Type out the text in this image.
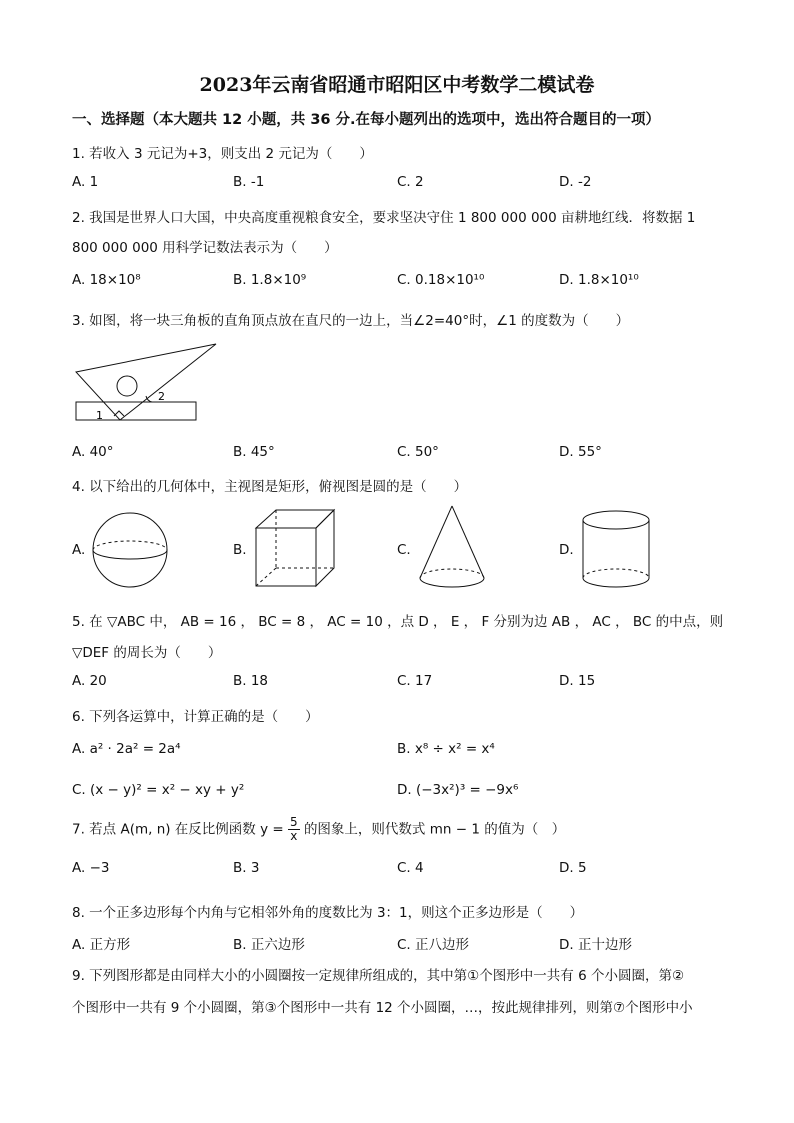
2023年云南省昭通市昭阳区中考数学二模试卷
一、选择题（本大题共 12 小题，共 36 分.在每小题列出的选项中，选出符合题目的一项）
1. 若收入 3 元记为+3，则支出 2 元记为（　　）
A. 1	B. -1	C. 2	D. -2
2. 我国是世界人口大国，中央高度重视粮食安全，要求坚决守住 1 800 000 000 亩耕地红线．将数据 1
800 000 000 用科学记数法表示为（　　）
A. 18×10⁸	B. 1.8×10⁹	C. 0.18×10¹⁰	D. 1.8×10¹⁰
3. 如图，将一块三角板的直角顶点放在直尺的一边上，当∠2=40°时，∠1 的度数为（　　）
1
2
A. 40°	B. 45°	C. 50°	D. 55°
4. 以下给出的几何体中，主视图是矩形，俯视图是圆的是（　　）
A.	B.	C.	D.
5. 在 ▽ABC 中， AB = 16 ， BC = 8 ， AC = 10 ，点 D ， E ， F 分别为边 AB ， AC ， BC 的中点，则
▽DEF 的周长为（　　）
A. 20	B. 18	C. 17	D. 15
6. 下列各运算中，计算正确的是（　　）
A. a² · 2a² = 2a⁴	B. x⁸ ÷ x² = x⁴
C. (x − y)² = x² − xy + y²	D. (−3x²)³ = −9x⁶
7. 若点 A(m, n) 在反比例函数 $y = \frac{5}{x}$ 的图象上，则代数式 mn − 1 的值为（　）
A. −3	B. 3	C. 4	D. 5
8. 一个正多边形每个内角与它相邻外角的度数比为 3：1，则这个正多边形是（　　）
A. 正方形	B. 正六边形	C. 正八边形	D. 正十边形
9. 下列图形都是由同样大小的小圆圈按一定规律所组成的，其中第①个图形中一共有 6 个小圆圈，第②
个图形中一共有 9 个小圆圈，第③个图形中一共有 12 个小圆圈，…，按此规律排列，则第⑦个图形中小
